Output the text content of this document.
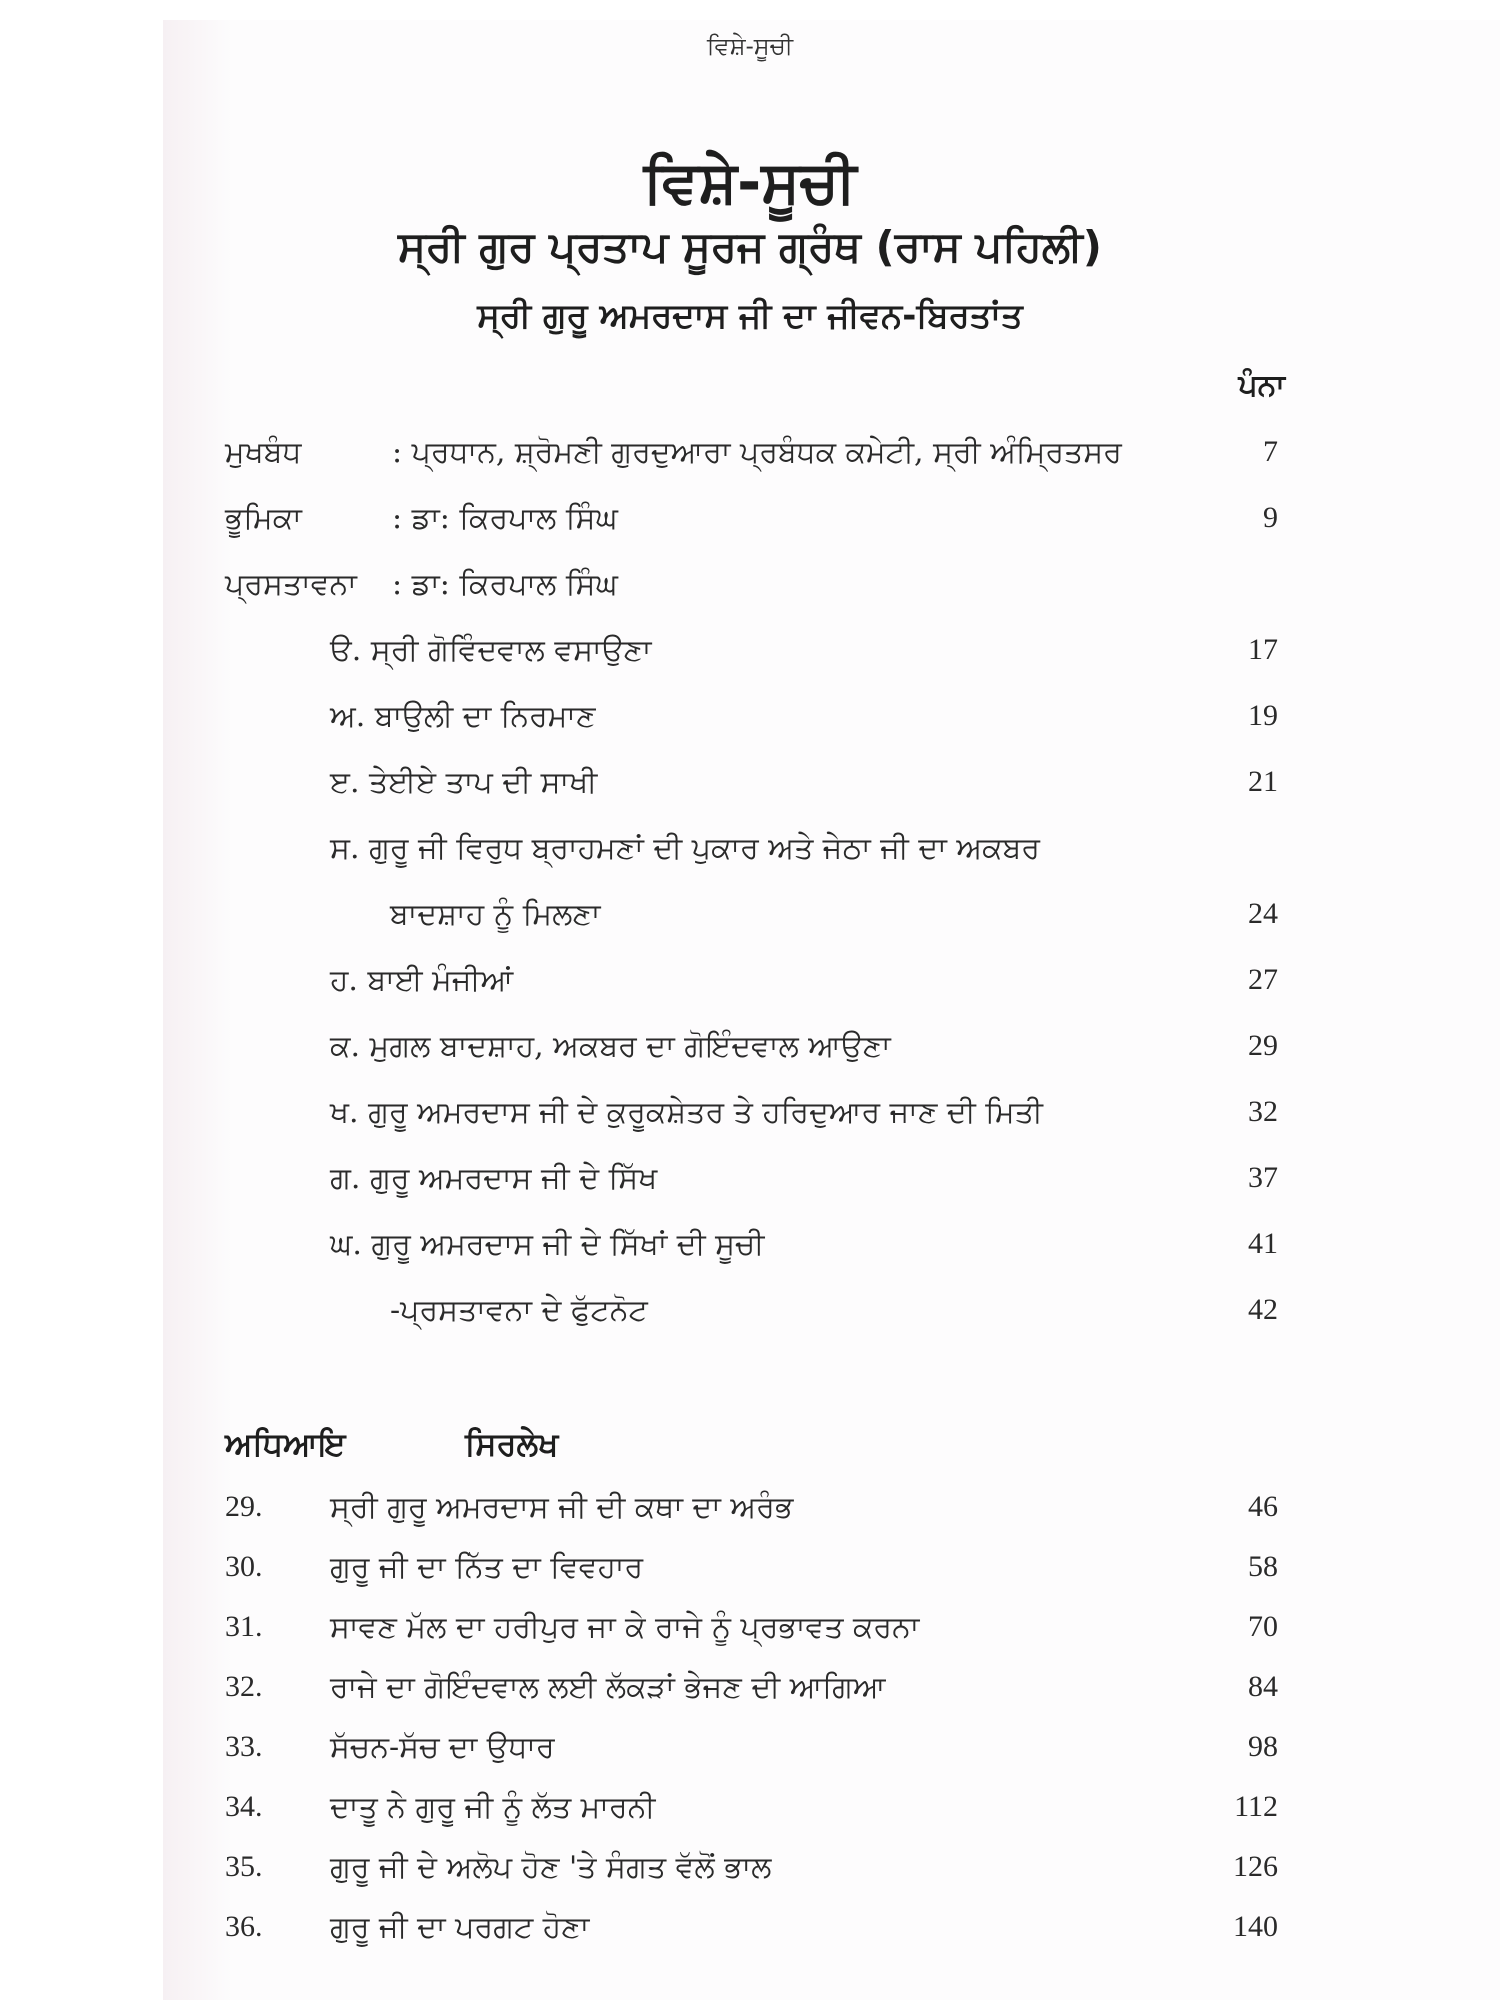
ਵਿਸ਼ੇ-ਸੂਚੀ
ਵਿਸ਼ੇ-ਸੂਚੀ
ਸ੍ਰੀ ਗੁਰ ਪ੍ਰਤਾਪ ਸੂਰਜ ਗ੍ਰੰਥ (ਰਾਸ ਪਹਿਲੀ)
ਸ੍ਰੀ ਗੁਰੂ ਅਮਰਦਾਸ ਜੀ ਦਾ ਜੀਵਨ-ਬਿਰਤਾਂਤ
ਪੰਨਾ
ਮੁਖਬੰਧ	: ਪ੍ਰਧਾਨ, ਸ਼੍ਰੋਮਣੀ ਗੁਰਦੁਆਰਾ ਪ੍ਰਬੰਧਕ ਕਮੇਟੀ, ਸ੍ਰੀ ਅੰਮ੍ਰਿਤਸਰ	7
ਭੂਮਿਕਾ	: ਡਾ: ਕਿਰਪਾਲ ਸਿੰਘ	9
ਪ੍ਰਸਤਾਵਨਾ : ਡਾ: ਕਿਰਪਾਲ ਸਿੰਘ
ੳ. ਸ੍ਰੀ ਗੋਵਿੰਦਵਾਲ ਵਸਾਉਣਾ	17
ਅ. ਬਾਉਲੀ ਦਾ ਨਿਰਮਾਣ	19
ੲ. ਤੇਈਏ ਤਾਪ ਦੀ ਸਾਖੀ	21
ਸ. ਗੁਰੂ ਜੀ ਵਿਰੁਧ ਬ੍ਰਾਹਮਣਾਂ ਦੀ ਪੁਕਾਰ ਅਤੇ ਜੇਠਾ ਜੀ ਦਾ ਅਕਬਰ
ਬਾਦਸ਼ਾਹ ਨੂੰ ਮਿਲਣਾ	24
ਹ. ਬਾਈ ਮੰਜੀਆਂ	27
ਕ. ਮੁਗਲ ਬਾਦਸ਼ਾਹ, ਅਕਬਰ ਦਾ ਗੋਇੰਦਵਾਲ ਆਉਣਾ	29
ਖ. ਗੁਰੂ ਅਮਰਦਾਸ ਜੀ ਦੇ ਕੁਰੂਕਸ਼ੇਤਰ ਤੇ ਹਰਿਦੁਆਰ ਜਾਣ ਦੀ ਮਿਤੀ	32
ਗ. ਗੁਰੂ ਅਮਰਦਾਸ ਜੀ ਦੇ ਸਿੱਖ	37
ਘ. ਗੁਰੂ ਅਮਰਦਾਸ ਜੀ ਦੇ ਸਿੱਖਾਂ ਦੀ ਸੂਚੀ	41
-ਪ੍ਰਸਤਾਵਨਾ ਦੇ ਫੁੱਟਨੋਟ	42
ਅਧਿਆਇ	ਸਿਰਲੇਖ
29. ਸ੍ਰੀ ਗੁਰੂ ਅਮਰਦਾਸ ਜੀ ਦੀ ਕਥਾ ਦਾ ਅਰੰਭ	46
30. ਗੁਰੂ ਜੀ ਦਾ ਨਿੱਤ ਦਾ ਵਿਵਹਾਰ	58
31. ਸਾਵਣ ਮੱਲ ਦਾ ਹਰੀਪੁਰ ਜਾ ਕੇ ਰਾਜੇ ਨੂੰ ਪ੍ਰਭਾਵਤ ਕਰਨਾ	70
32. ਰਾਜੇ ਦਾ ਗੋਇੰਦਵਾਲ ਲਈ ਲੱਕੜਾਂ ਭੇਜਣ ਦੀ ਆਗਿਆ	84
33. ਸੱਚਨ-ਸੱਚ ਦਾ ਉਧਾਰ	98
34. ਦਾਤੂ ਨੇ ਗੁਰੂ ਜੀ ਨੂੰ ਲੱਤ ਮਾਰਨੀ	112
35. ਗੁਰੂ ਜੀ ਦੇ ਅਲੋਪ ਹੋਣ 'ਤੇ ਸੰਗਤ ਵੱਲੋਂ ਭਾਲ	126
36. ਗੁਰੂ ਜੀ ਦਾ ਪਰਗਟ ਹੋਣਾ	140
